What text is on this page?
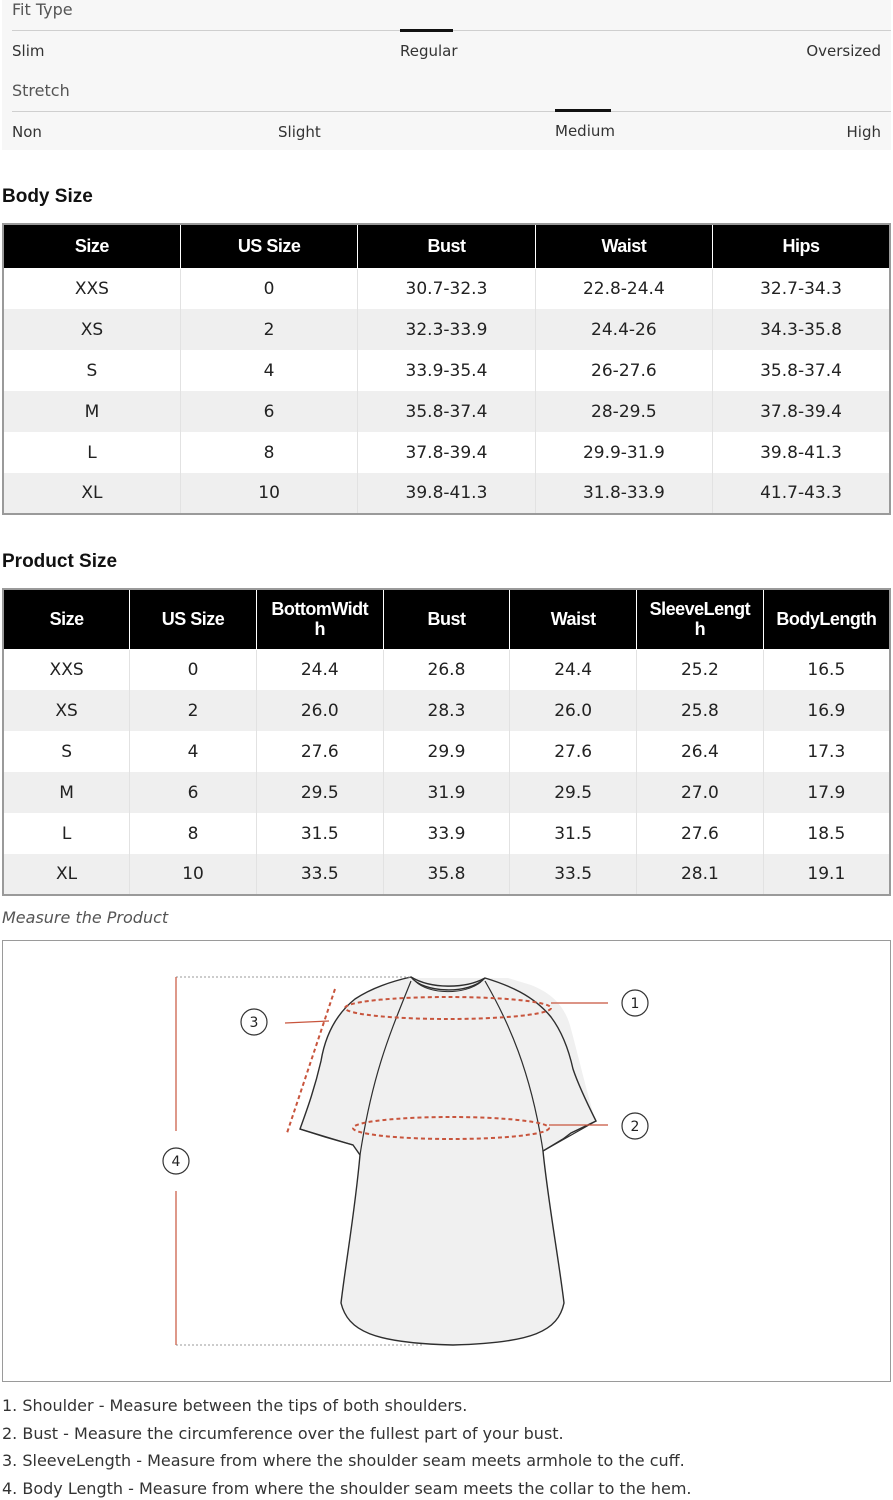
Fit Type
Slim	Regular	Oversized
Stretch
Non	Slight	Medium	High
Body Size
Size	US Size	Bust	Waist	Hips
XXS	0	30.7-32.3	22.8-24.4	32.7-34.3
XS	2	32.3-33.9	24.4-26	34.3-35.8
S	4	33.9-35.4	26-27.6	35.8-37.4
M	6	35.8-37.4	28-29.5	37.8-39.4
L	8	37.8-39.4	29.9-31.9	39.8-41.3
XL	10	39.8-41.3	31.8-33.9	41.7-43.3
Product Size
Size	US Size	BottomWidth	Bust	Waist	SleeveLength	BodyLength
XXS	0	24.4	26.8	24.4	25.2	16.5
XS	2	26.0	28.3	26.0	25.8	16.9
S	4	27.6	29.9	27.6	26.4	17.3
M	6	29.5	31.9	29.5	27.0	17.9
L	8	31.5	33.9	31.5	27.6	18.5
XL	10	33.5	35.8	33.5	28.1	19.1
Measure the Product
1
2
3
4
1. Shoulder - Measure between the tips of both shoulders.
2. Bust - Measure the circumference over the fullest part of your bust.
3. SleeveLength - Measure from where the shoulder seam meets armhole to the cuff.
4. Body Length - Measure from where the shoulder seam meets the collar to the hem.
